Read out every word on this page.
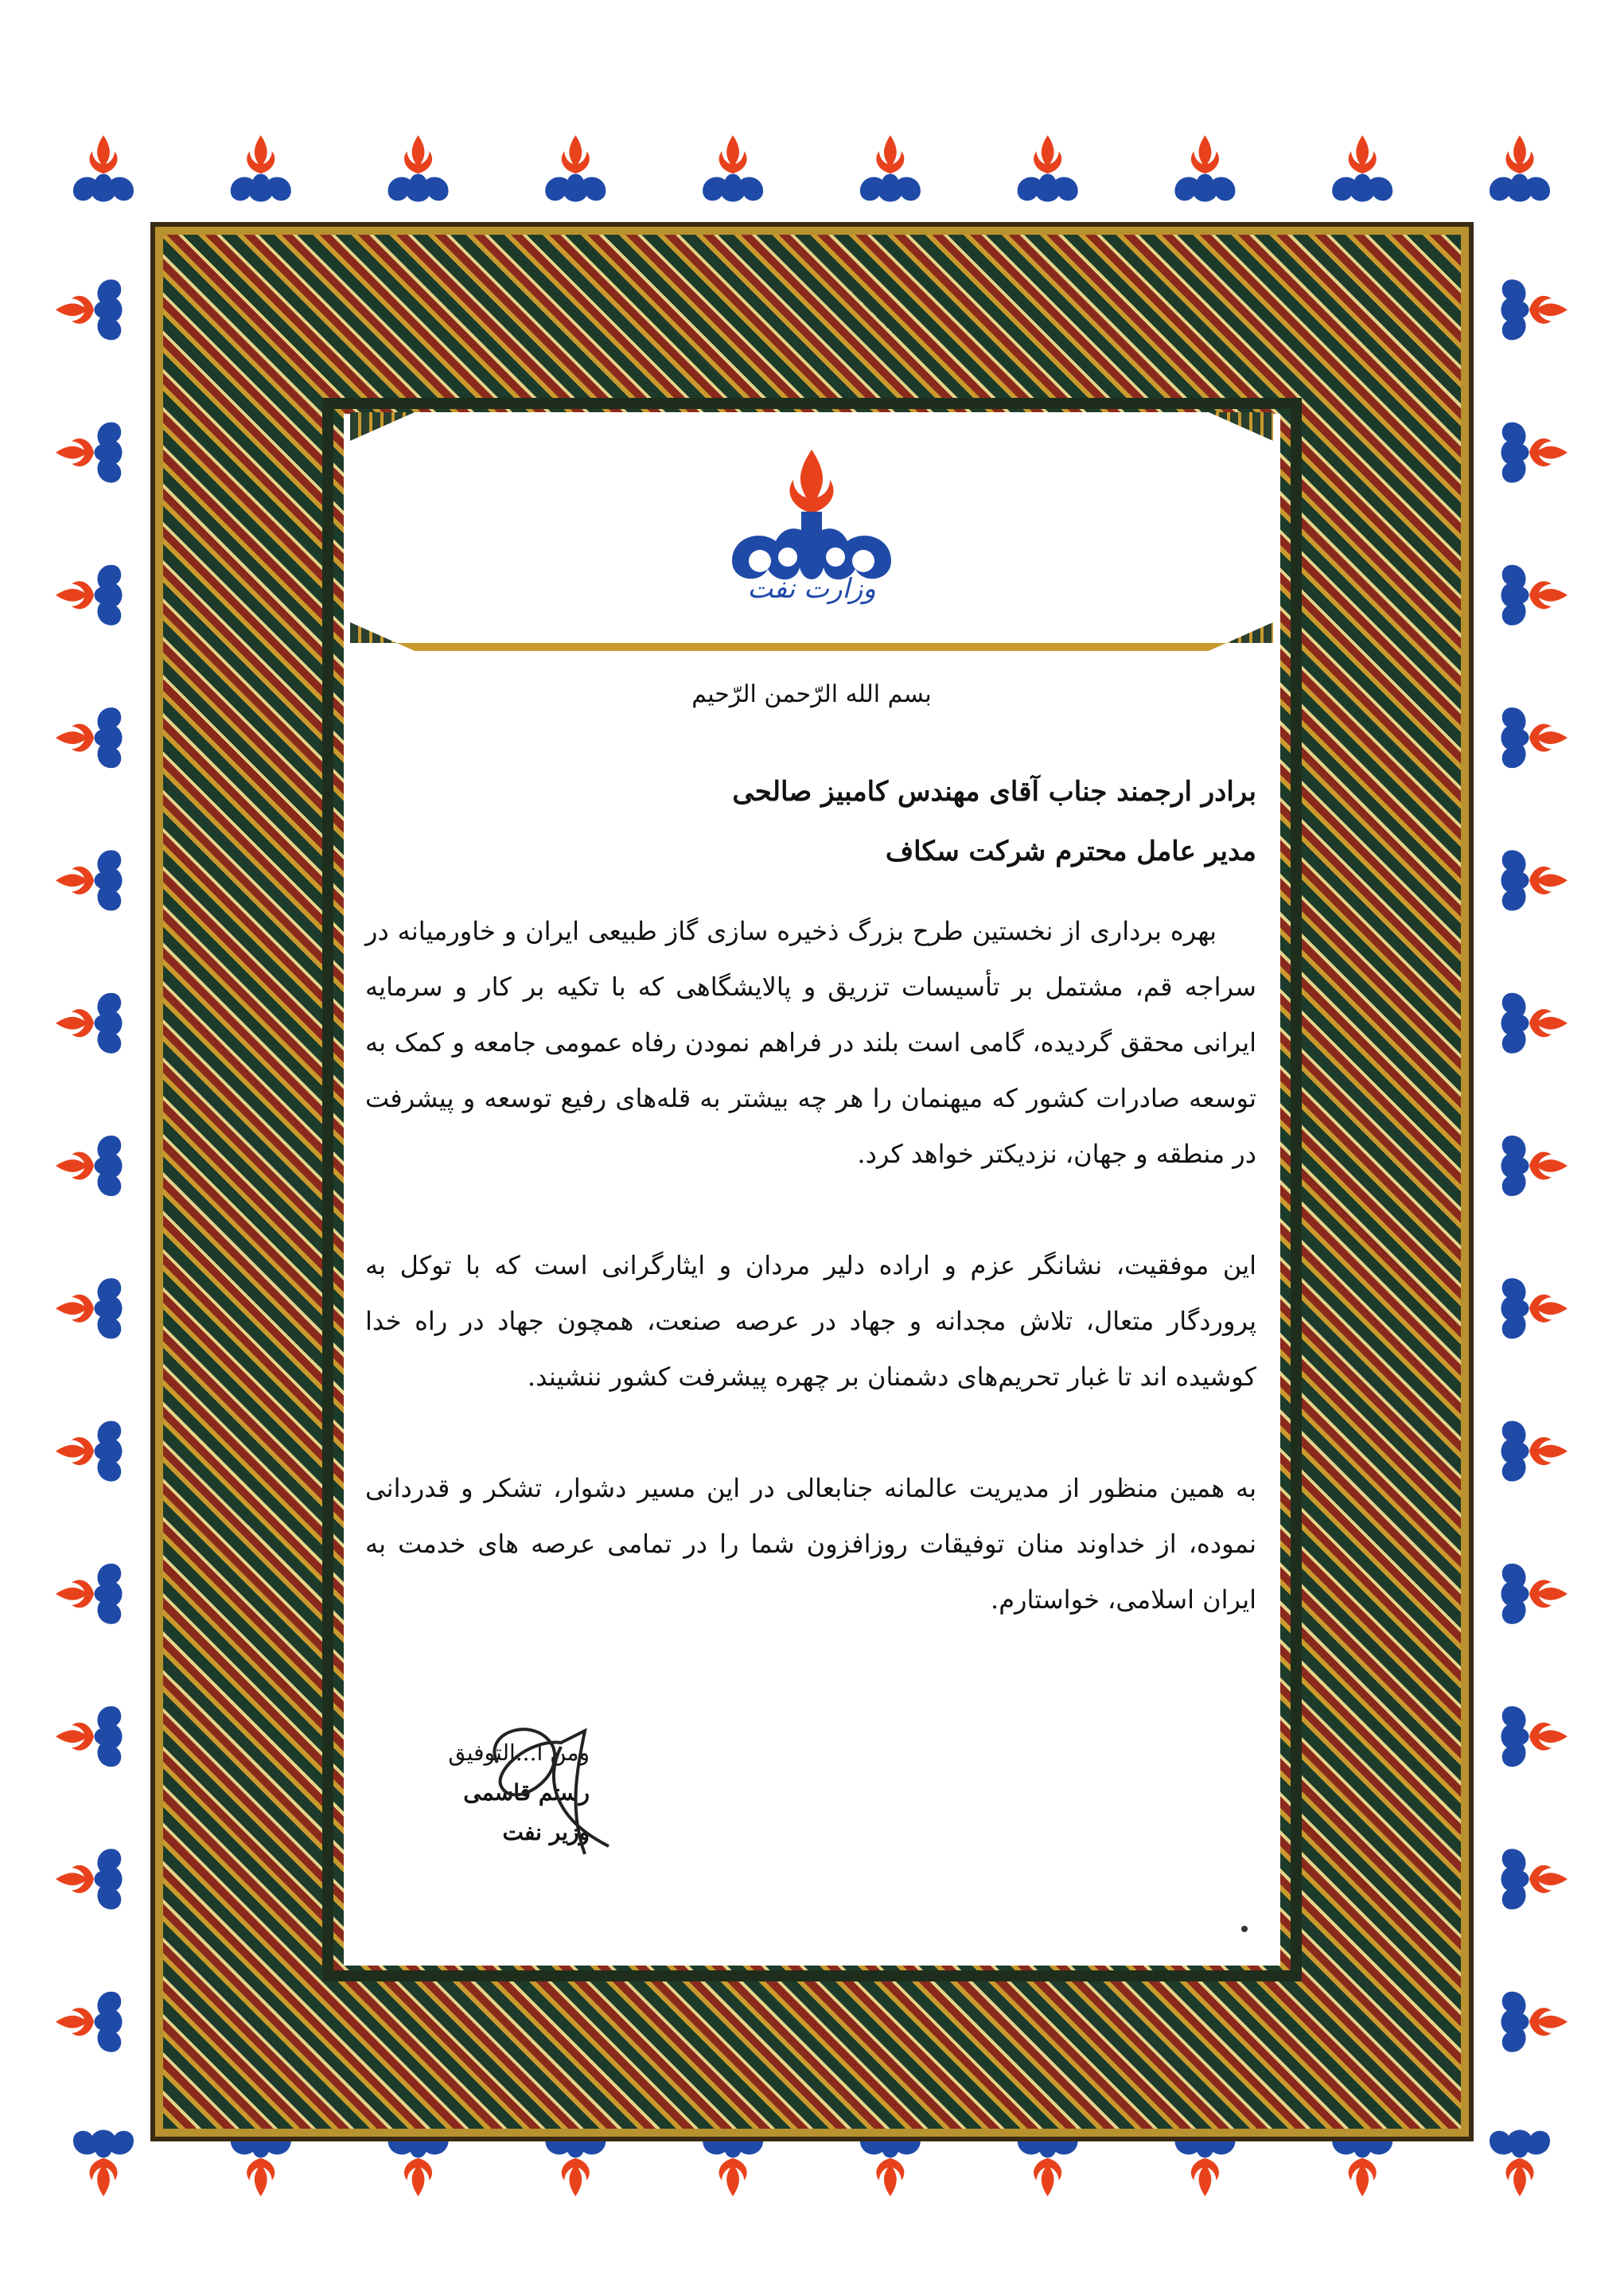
وزارت نفت
بسم الله الرّحمن الرّحیم
برادر ارجمند جناب آقای مهندس کامبیز صالحی
مدیر عامل محترم شرکت سکاف
بهره برداری از نخستین طرح بزرگ ذخیره سازی گاز طبیعی ایران و خاورمیانه در سراجه قم، مشتمل بر تأسیسات تزریق و پالایشگاهی که با تکیه بر کار و سرمایه ایرانی محقق گردیده، گامی است بلند در فراهم نمودن رفاه عمومی جامعه و کمک به توسعه صادرات کشور که میهنمان را هر چه بیشتر به قله‌های رفیع توسعه و پیشرفت در منطقه و جهان، نزدیکتر خواهد کرد.
این موفقیت، نشانگر عزم و اراده دلیر مردان و ایثارگرانی است که با توکل به پروردگار متعال، تلاش مجدانه و جهاد در عرصه صنعت، همچون جهاد در راه خدا کوشیده اند تا غبار تحریم‌های دشمنان بر چهره پیشرفت کشور ننشیند.
به همین منظور از مدیریت عالمانه جنابعالی در این مسیر دشوار، تشکر و قدردانی نموده، از خداوند منان توفیقات روزافزون شما را در تمامی عرصه های خدمت به ایران اسلامی، خواستارم.
ومن ا...التوفیق
رستم قاسمی
وزیر نفت
